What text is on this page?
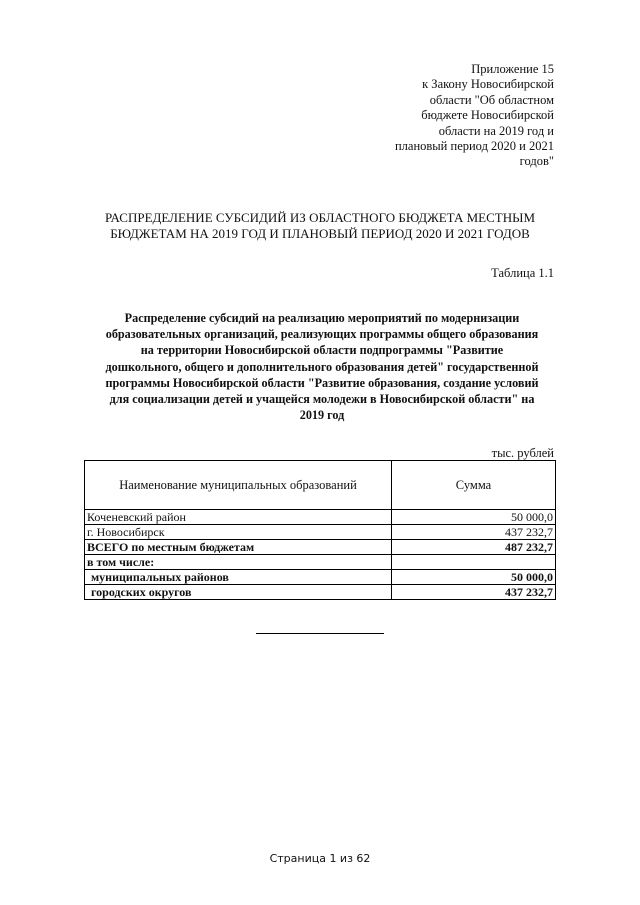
Приложение 15
к Закону Новосибирской
области "Об областном
бюджете Новосибирской
области на 2019 год и
плановый период 2020 и 2021
годов"
РАСПРЕДЕЛЕНИЕ СУБСИДИЙ ИЗ ОБЛАСТНОГО БЮДЖЕТА МЕСТНЫМ
БЮДЖЕТАМ НА 2019 ГОД И ПЛАНОВЫЙ ПЕРИОД 2020 И 2021 ГОДОВ
Таблица 1.1
Распределение субсидий на реализацию мероприятий по модернизации
образовательных организаций, реализующих программы общего образования
на территории Новосибирской области подпрограммы "Развитие
дошкольного, общего и дополнительного образования детей" государственной
программы Новосибирской области "Развитие образования, создание условий
для социализации детей и учащейся молодежи в Новосибирской области" на
2019 год
тыс. рублей
Наименование муниципальных образований	Сумма
Коченевский район	50 000,0
г. Новосибирск	437 232,7
ВСЕГО по местным бюджетам	487 232,7
в том числе:	
муниципальных районов	50 000,0
городских округов	437 232,7
Страница 1 из 62
